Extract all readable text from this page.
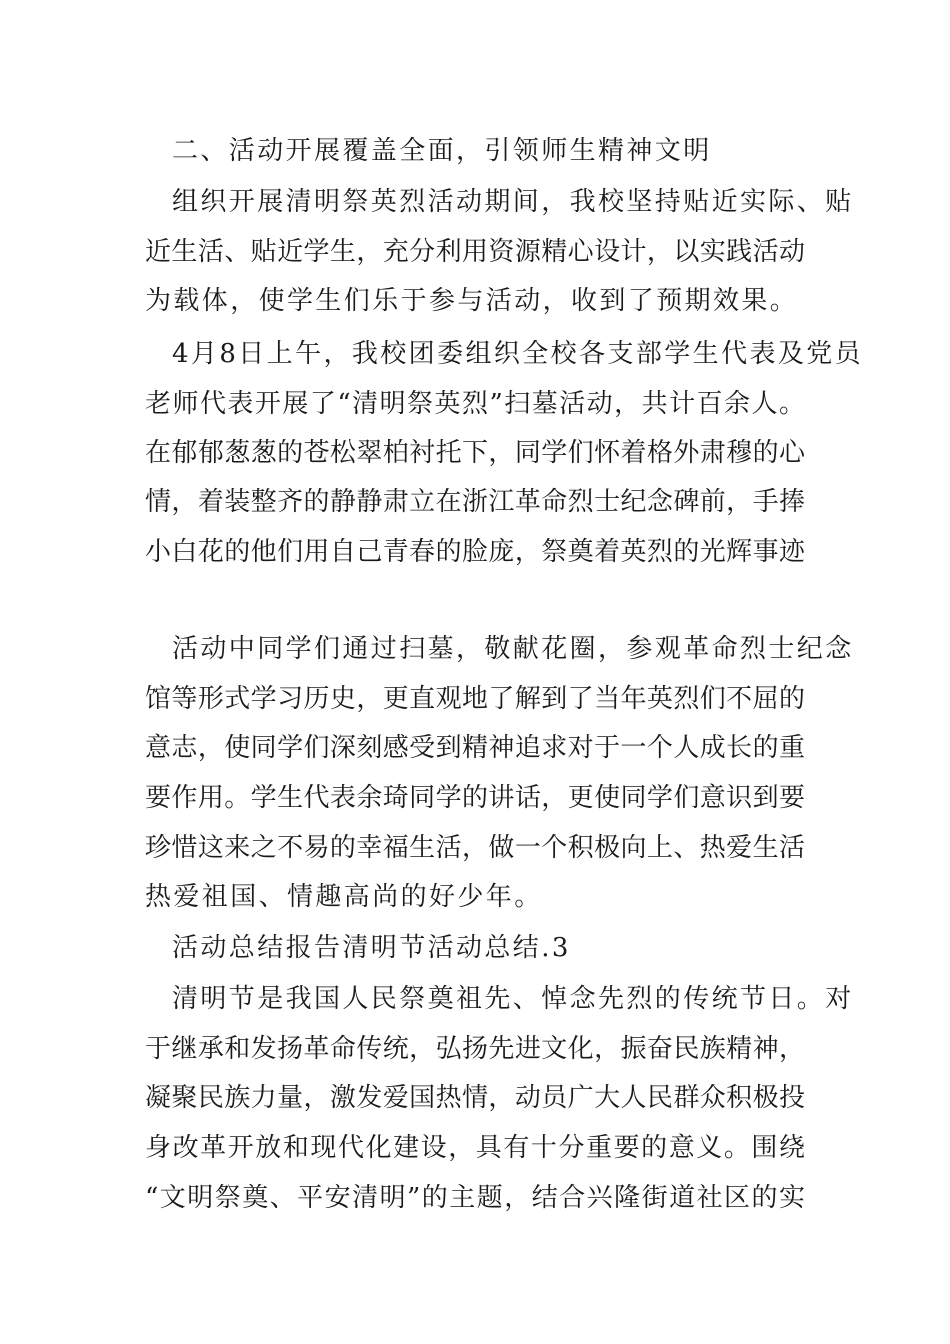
二、活动开展覆盖全面，引领师生精神文明
组织开展清明祭英烈活动期间，我校坚持贴近实际、贴
近生活、贴近学生，充分利用资源精心设计，以实践活动
为载体，使学生们乐于参与活动，收到了预期效果。
4月8日上午，我校团委组织全校各支部学生代表及党员
老师代表开展了“清明祭英烈”扫墓活动，共计百余人。
在郁郁葱葱的苍松翠柏衬托下，同学们怀着格外肃穆的心
情，着装整齐的静静肃立在浙江革命烈士纪念碑前，手捧
小白花的他们用自己青春的脸庞，祭奠着英烈的光辉事迹
活动中同学们通过扫墓，敬献花圈，参观革命烈士纪念
馆等形式学习历史，更直观地了解到了当年英烈们不屈的
意志，使同学们深刻感受到精神追求对于一个人成长的重
要作用。学生代表余琦同学的讲话，更使同学们意识到要
珍惜这来之不易的幸福生活，做一个积极向上、热爱生活
热爱祖国、情趣高尚的好少年。
活动总结报告清明节活动总结.3
清明节是我国人民祭奠祖先、悼念先烈的传统节日。对
于继承和发扬革命传统，弘扬先进文化，振奋民族精神，
凝聚民族力量，激发爱国热情，动员广大人民群众积极投
身改革开放和现代化建设，具有十分重要的意义。围绕
“文明祭奠、平安清明”的主题，结合兴隆街道社区的实
